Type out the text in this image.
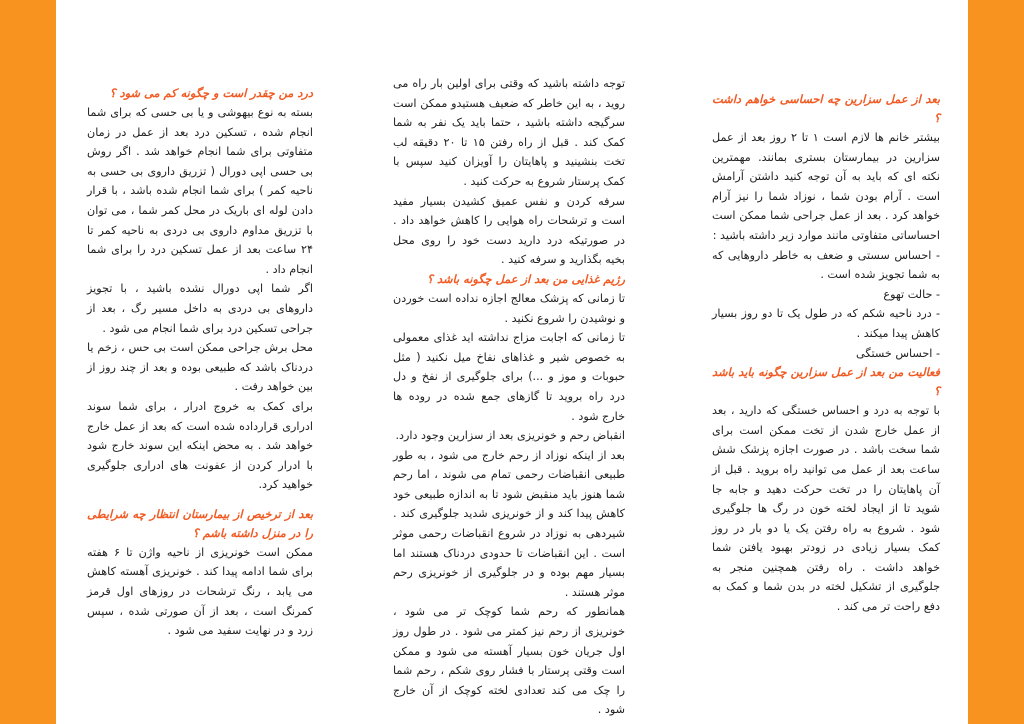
بعد از عمل سزارین چه احساسی خواهم داشت ؟

بیشتر خانم ها لازم است ۱ تا ۲ روز بعد از عمل سزارین در بیمارستان بستری بمانند. مهمترین نکته ای که باید به آن توجه کنید داشتن آرامش است . آرام بودن شما ، نوزاد شما را نیز آرام خواهد کرد . بعد از عمل جراحی شما ممکن است احساساتی متفاوتی مانند موارد زیر داشته باشید :

- احساس سستی و ضعف به خاطر داروهایی که به شما تجویز شده است .

- حالت تهوع

- درد ناحیه شکم که در طول یک تا دو روز بسیار کاهش پیدا میکند .

- احساس خستگی

فعالیت من بعد از عمل سزارین چگونه باید باشد ؟

با توجه به درد و احساس خستگی که دارید ، بعد از عمل خارج شدن از تخت ممکن است برای شما سخت باشد . در صورت اجازه پزشک شش ساعت بعد از عمل می توانید راه بروید . قبل از آن پاهایتان را در تخت حرکت دهید و جابه جا شوید تا از ایجاد لخته خون در رگ ها جلوگیری شود . شروع به راه رفتن یک یا دو بار در روز کمک بسیار زیادی در زودتر بهبود یافتن شما خواهد داشت . راه رفتن همچنین منجر به جلوگیری از تشکیل لخته در بدن شما و کمک به دفع راحت تر می کند .

توجه داشته باشید که وقتی برای اولین بار راه می روید ، به این خاطر که ضعیف هستیدو ممکن است سرگیجه داشته باشید ، حتما باید یک نفر به شما کمک کند . قبل از راه رفتن ۱۵ تا ۲۰ دقیقه لب تخت بنشینید و پاهایتان را آویزان کنید سپس با کمک پرستار شروع به حرکت کنید .

سرفه کردن و نفس عمیق کشیدن بسیار مفید است و ترشحات راه هوایی را کاهش خواهد داد . در صورتیکه درد دارید دست خود را روی محل بخیه بگذارید و سرفه کنید .

رژیم غذایی من بعد از عمل چگونه باشد ؟

تا زمانی که پزشک معالج اجازه نداده است خوردن و نوشیدن را شروع نکنید .

تا زمانی که اجابت مزاج نداشته اید غذای معمولی به خصوص شیر و غذاهای نفاخ میل نکنید ( مثل حبوبات و موز و ...) برای جلوگیری از نفخ و دل درد راه بروید تا گازهای جمع شده در روده ها خارج شود .

انقباض رحم و خونریزی بعد از سزارین وجود دارد.

بعد از اینکه نوزاد از رحم خارج می شود ، به طور طبیعی انقباضات رحمی تمام می شوند ، اما رحم شما هنوز باید منقبض شود تا به اندازه طبیعی خود کاهش پیدا کند و از خونریزی شدید جلوگیری کند . شیردهی به نوزاد در شروع انقباضات رحمی موثر است . این انقباضات تا حدودی دردناک هستند اما بسیار مهم بوده و در جلوگیری از خونریزی رحم موثر هستند .

همانطور که رحم شما کوچک تر می شود ، خونریزی از رحم نیز کمتر می شود . در طول روز اول جریان خون بسیار آهسته می شود و ممکن است وقتی پرستار با فشار روی شکم ، رحم شما را چک می کند تعدادی لخته کوچک از آن خارج شود .

درد من چقدر است و چگونه کم می شود ؟

بسته به نوع بیهوشی و یا بی حسی که برای شما انجام شده ، تسکین درد بعد از عمل در زمان متفاوتی برای شما انجام خواهد شد . اگر روش بی حسی اپی دورال ( تزریق داروی بی حسی به ناحیه کمر ) برای شما انجام شده باشد ، با قرار دادن لوله ای باریک در محل کمر شما ، می توان با تزریق مداوم داروی بی دردی به ناحیه کمر تا ۲۴ ساعت بعد از عمل تسکین درد را برای شما انجام داد .

اگر شما اپی دورال نشده باشید ، با تجویز داروهای بی دردی به داخل مسیر رگ ، بعد از جراحی تسکین درد برای شما انجام می شود .

محل برش جراحی ممکن است بی حس ، زخم یا دردناک باشد که طبیعی بوده و بعد از چند روز از بین خواهد رفت .

برای کمک به خروج ادرار ، برای شما سوند ادراری قرارداده شده است که بعد از عمل خارج خواهد شد . به محض اینکه این سوند خارج شود با ادرار کردن از عفونت های ادراری جلوگیری خواهید کرد.

بعد از ترخیص از بیمارستان انتظار چه شرایطی را در منزل داشته باشم ؟

ممکن است خونریزی از ناحیه واژن تا ۶ هفته برای شما ادامه پیدا کند . خونریزی آهسته کاهش می یابد ، رنگ ترشحات در روزهای اول قرمز کمرنگ است ، بعد از آن صورتی شده ، سپس زرد و در نهایت سفید می شود .
